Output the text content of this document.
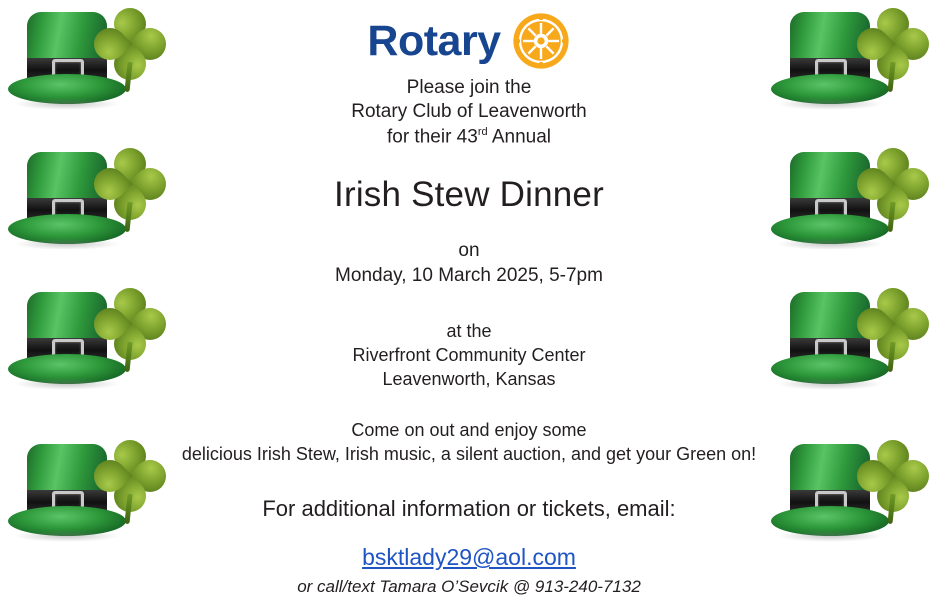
Rotary
Please join the
Rotary Club of Leavenworth
for their 43rd Annual
Irish Stew Dinner
on
Monday, 10 March 2025, 5-7pm
at the
Riverfront Community Center
Leavenworth, Kansas
Come on out and enjoy some
delicious Irish Stew, Irish music, a silent auction, and get your Green on!
For additional information or tickets, email:
bsktlady29@aol.com
or call/text Tamara O’Sevcik @ 913-240-7132
